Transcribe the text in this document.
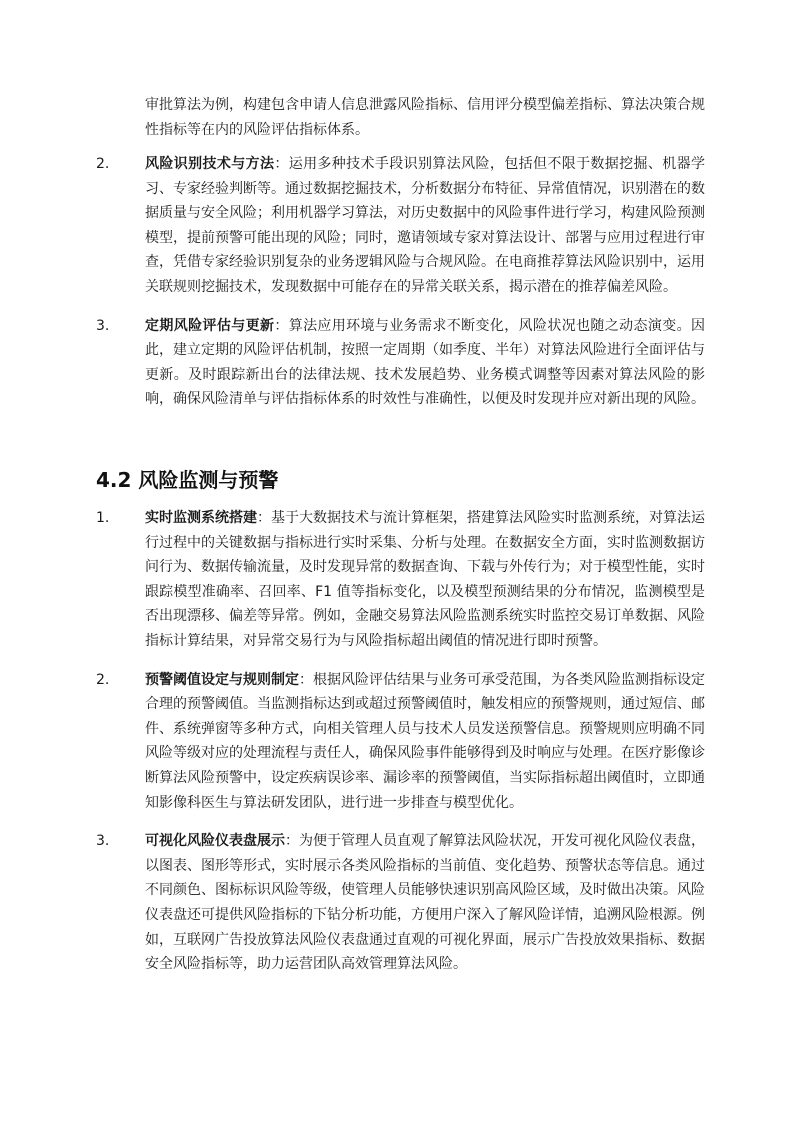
审批算法为例，构建包含申请人信息泄露风险指标、信用评分模型偏差指标、算法决策合规性指标等在内的风险评估指标体系。

2.	风险识别技术与方法：运用多种技术手段识别算法风险，包括但不限于数据挖掘、机器学习、专家经验判断等。通过数据挖掘技术，分析数据分布特征、异常值情况，识别潜在的数据质量与安全风险；利用机器学习算法，对历史数据中的风险事件进行学习，构建风险预测模型，提前预警可能出现的风险；同时，邀请领域专家对算法设计、部署与应用过程进行审查，凭借专家经验识别复杂的业务逻辑风险与合规风险。在电商推荐算法风险识别中，运用关联规则挖掘技术，发现数据中可能存在的异常关联关系，揭示潜在的推荐偏差风险。
3.	定期风险评估与更新：算法应用环境与业务需求不断变化，风险状况也随之动态演变。因此，建立定期的风险评估机制，按照一定周期（如季度、半年）对算法风险进行全面评估与更新。及时跟踪新出台的法律法规、技术发展趋势、业务模式调整等因素对算法风险的影响，确保风险清单与评估指标体系的时效性与准确性，以便及时发现并应对新出现的风险。
4.2 风险监测与预警
1.	实时监测系统搭建：基于大数据技术与流计算框架，搭建算法风险实时监测系统，对算法运行过程中的关键数据与指标进行实时采集、分析与处理。在数据安全方面，实时监测数据访问行为、数据传输流量，及时发现异常的数据查询、下载与外传行为；对于模型性能，实时跟踪模型准确率、召回率、F1 值等指标变化，以及模型预测结果的分布情况，监测模型是否出现漂移、偏差等异常。例如，金融交易算法风险监测系统实时监控交易订单数据、风险指标计算结果，对异常交易行为与风险指标超出阈值的情况进行即时预警。
2.	预警阈值设定与规则制定：根据风险评估结果与业务可承受范围，为各类风险监测指标设定合理的预警阈值。当监测指标达到或超过预警阈值时，触发相应的预警规则，通过短信、邮件、系统弹窗等多种方式，向相关管理人员与技术人员发送预警信息。预警规则应明确不同风险等级对应的处理流程与责任人，确保风险事件能够得到及时响应与处理。在医疗影像诊断算法风险预警中，设定疾病误诊率、漏诊率的预警阈值，当实际指标超出阈值时，立即通知影像科医生与算法研发团队，进行进一步排查与模型优化。
3.	可视化风险仪表盘展示：为便于管理人员直观了解算法风险状况，开发可视化风险仪表盘，以图表、图形等形式，实时展示各类风险指标的当前值、变化趋势、预警状态等信息。通过不同颜色、图标标识风险等级，使管理人员能够快速识别高风险区域，及时做出决策。风险仪表盘还可提供风险指标的下钻分析功能，方便用户深入了解风险详情，追溯风险根源。例如，互联网广告投放算法风险仪表盘通过直观的可视化界面，展示广告投放效果指标、数据安全风险指标等，助力运营团队高效管理算法风险。
